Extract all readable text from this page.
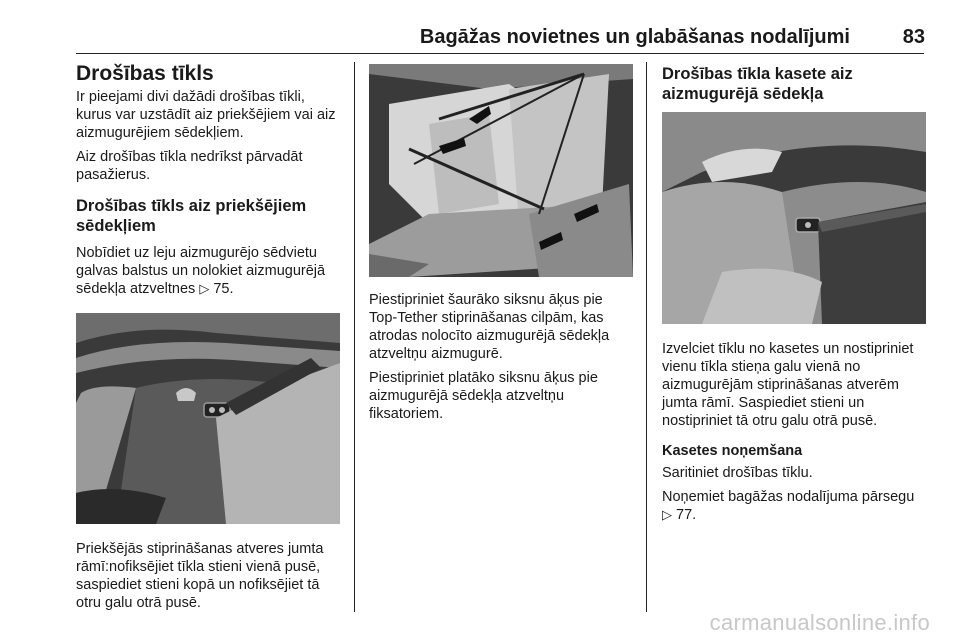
Bagāžas novietnes un glabāšanas nodalījumi	83
Drošības tīkls

Ir pieejami divi dažādi drošības tīkli, kurus var uzstādīt aiz priekšējiem vai aiz aizmugurējiem sēdekļiem.

Aiz drošības tīkla nedrīkst pārvadāt pasažierus.

Drošības tīkls aiz priekšējiem sēdekļiem

Nobīdiet uz leju aizmugurējo sēdvietu galvas balstus un nolokiet aizmugurējā sēdekļa atzveltnes ▷ 75.

Priekšējās stiprināšanas atveres jumta rāmī:nofiksējiet tīkla stieni vienā pusē, saspiediet stieni kopā un nofiksējiet tā otru galu otrā pusē.

Piestipriniet šaurāko siksnu āķus pie Top-Tether stiprināšanas cilpām, kas atrodas nolocīto aizmugurējā sēdekļa atzveltņu aizmugurē.

Piestipriniet platāko siksnu āķus pie aizmugurējā sēdekļa atzveltņu fiksatoriem.

Drošības tīkla kasete aiz aizmugurējā sēdekļa

Izvelciet tīklu no kasetes un nostipriniet vienu tīkla stieņa galu vienā no aizmugurējām stiprināšanas atverēm jumta rāmī. Saspiediet stieni un nostipriniet tā otru galu otrā pusē.

Kasetes noņemšana

Saritiniet drošības tīklu.

Noņemiet bagāžas nodalījuma pārsegu ▷ 77.

carmanualsonline.info
